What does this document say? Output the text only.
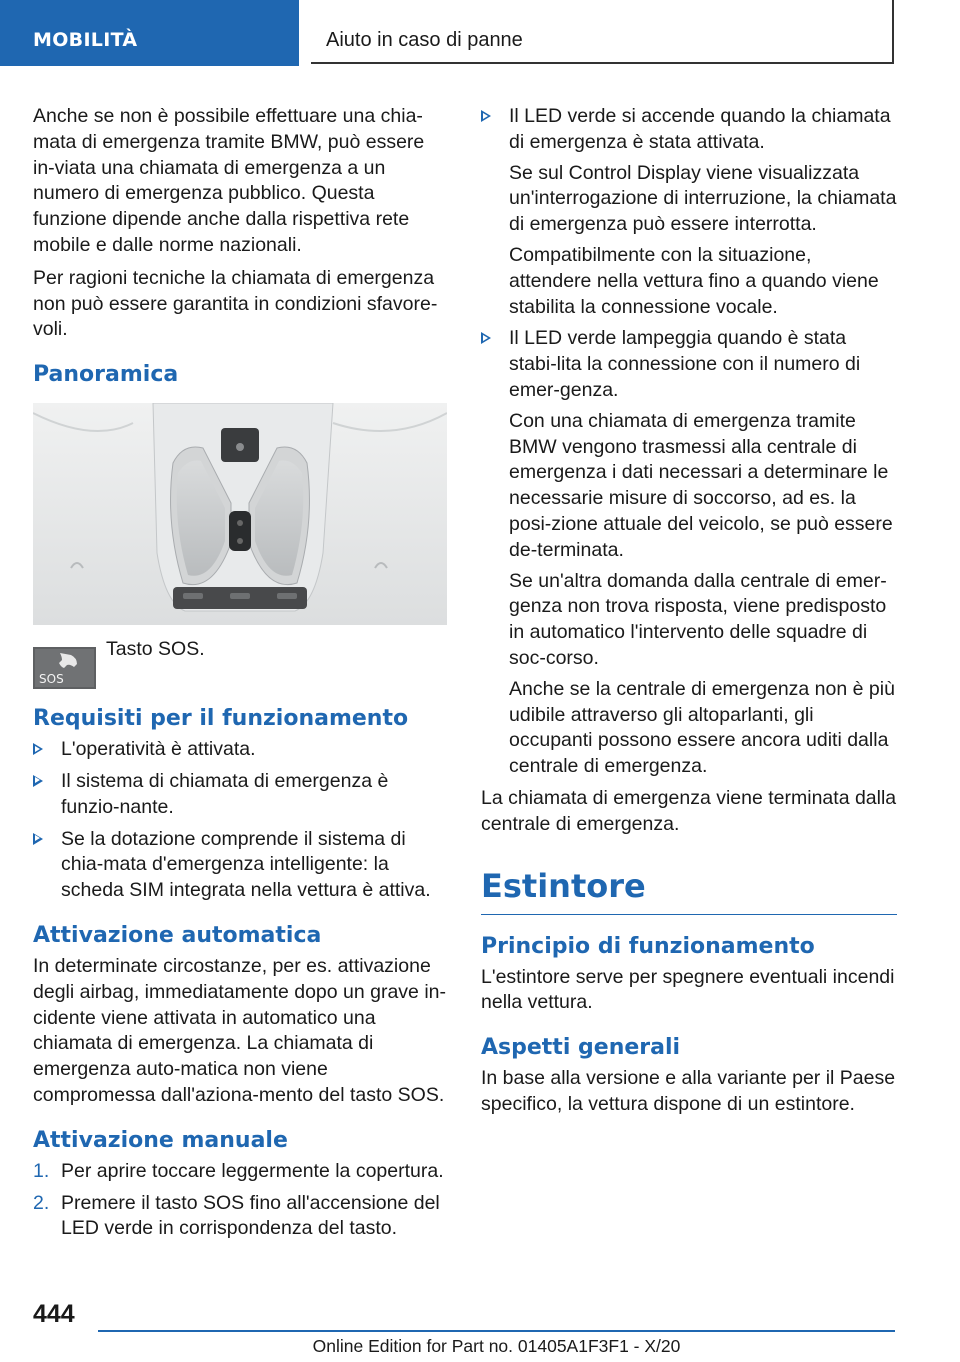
MOBILITÀ	Aiuto in caso di panne

Anche se non è possibile effettuare una chia-mata di emergenza tramite BMW, può essere in-viata una chiamata di emergenza a un numero di emergenza pubblico. Questa funzione dipende anche dalla rispettiva rete mobile e dalle norme nazionali.

Per ragioni tecniche la chiamata di emergenza non può essere garantita in condizioni sfavore-voli.

Panoramica
SOS
Tasto SOS.
Requisiti per il funzionamento
L'operatività è attivata.
Il sistema di chiamata di emergenza è funzio-nante.
Se la dotazione comprende il sistema di chia-mata d'emergenza intelligente: la scheda SIM integrata nella vettura è attiva.
Attivazione automatica

In determinate circostanze, per es. attivazione degli airbag, immediatamente dopo un grave in-cidente viene attivata in automatico una chiamata di emergenza. La chiamata di emergenza auto-matica non viene compromessa dall'aziona-mento del tasto SOS.

Attivazione manuale
1. Per aprire toccare leggermente la copertura.
2. Premere il tasto SOS fino all'accensione del LED verde in corrispondenza del tasto.
Il LED verde si accende quando la chiamata di emergenza è stata attivata.

Se sul Control Display viene visualizzata un'interrogazione di interruzione, la chiamata di emergenza può essere interrotta.

Compatibilmente con la situazione, attendere nella vettura fino a quando viene stabilita la connessione vocale.

Il LED verde lampeggia quando è stata stabi-lita la connessione con il numero di emer-genza.

Con una chiamata di emergenza tramite BMW vengono trasmessi alla centrale di emergenza i dati necessari a determinare le necessarie misure di soccorso, ad es. la posi-zione attuale del veicolo, se può essere de-terminata.

Se un'altra domanda dalla centrale di emer-genza non trova risposta, viene predisposto in automatico l'intervento delle squadre di soc-corso.

Anche se la centrale di emergenza non è più udibile attraverso gli altoparlanti, gli occupanti possono essere ancora uditi dalla centrale di emergenza.

La chiamata di emergenza viene terminata dalla centrale di emergenza.

Estintore
Principio di funzionamento

L'estintore serve per spegnere eventuali incendi nella vettura.

Aspetti generali

In base alla versione e alla variante per il Paese specifico, la vettura dispone di un estintore.

444
Online Edition for Part no. 01405A1F3F1 - X/20
